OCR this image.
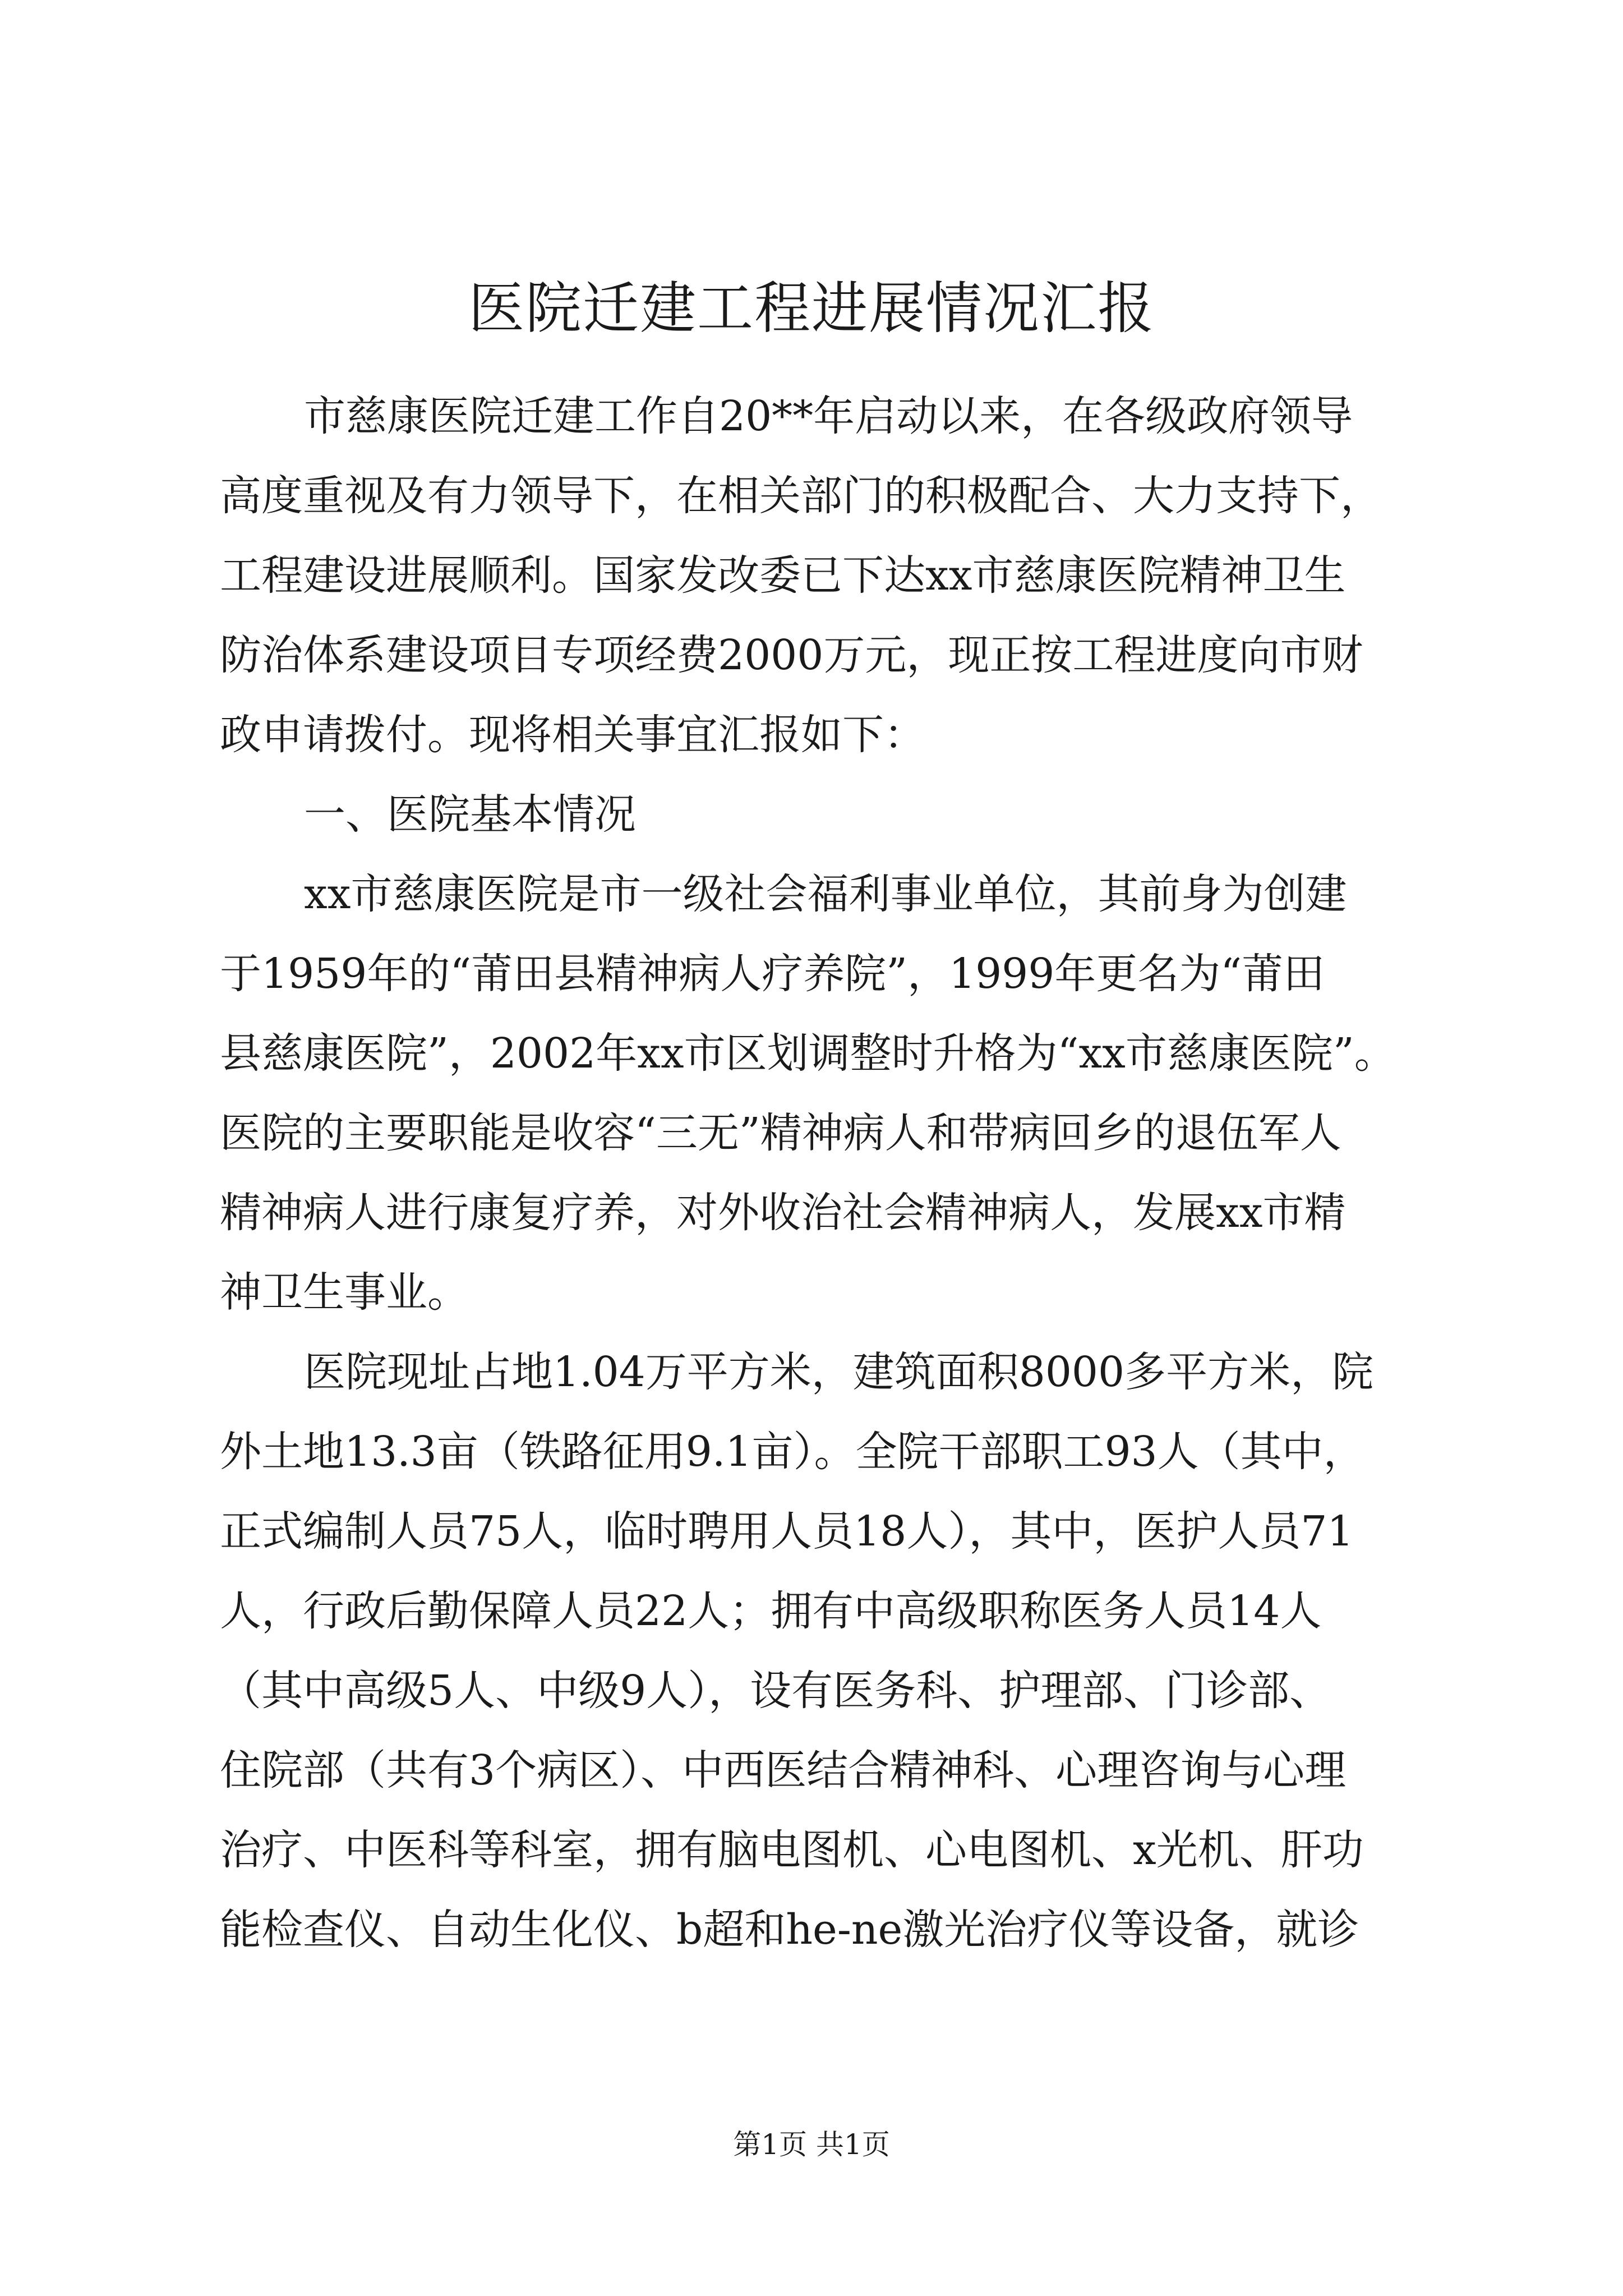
医院迁建工程进展情况汇报

市慈康医院迁建工作自20**年启动以来，在各级政府领导

高度重视及有力领导下，在相关部门的积极配合、大力支持下，

工程建设进展顺利。国家发改委已下达xx市慈康医院精神卫生

防治体系建设项目专项经费2000万元，现正按工程进度向市财

政申请拨付。现将相关事宜汇报如下：

一、医院基本情况

xx市慈康医院是市一级社会福利事业单位，其前身为创建

于1959年的“莆田县精神病人疗养院”，1999年更名为“莆田

县慈康医院”，2002年xx市区划调整时升格为“xx市慈康医院”。

医院的主要职能是收容“三无”精神病人和带病回乡的退伍军人

精神病人进行康复疗养，对外收治社会精神病人，发展xx市精

神卫生事业。

医院现址占地1.04万平方米，建筑面积8000多平方米，院

外土地13.3亩（铁路征用9.1亩）。全院干部职工93人（其中，

正式编制人员75人，临时聘用人员18人），其中，医护人员71

人，行政后勤保障人员22人；拥有中高级职称医务人员14人

（其中高级5人、中级9人），设有医务科、护理部、门诊部、

住院部（共有3个病区）、中西医结合精神科、心理咨询与心理

治疗、中医科等科室，拥有脑电图机、心电图机、x光机、肝功

能检查仪、自动生化仪、b超和he-ne激光治疗仪等设备，就诊

第1页 共1页
